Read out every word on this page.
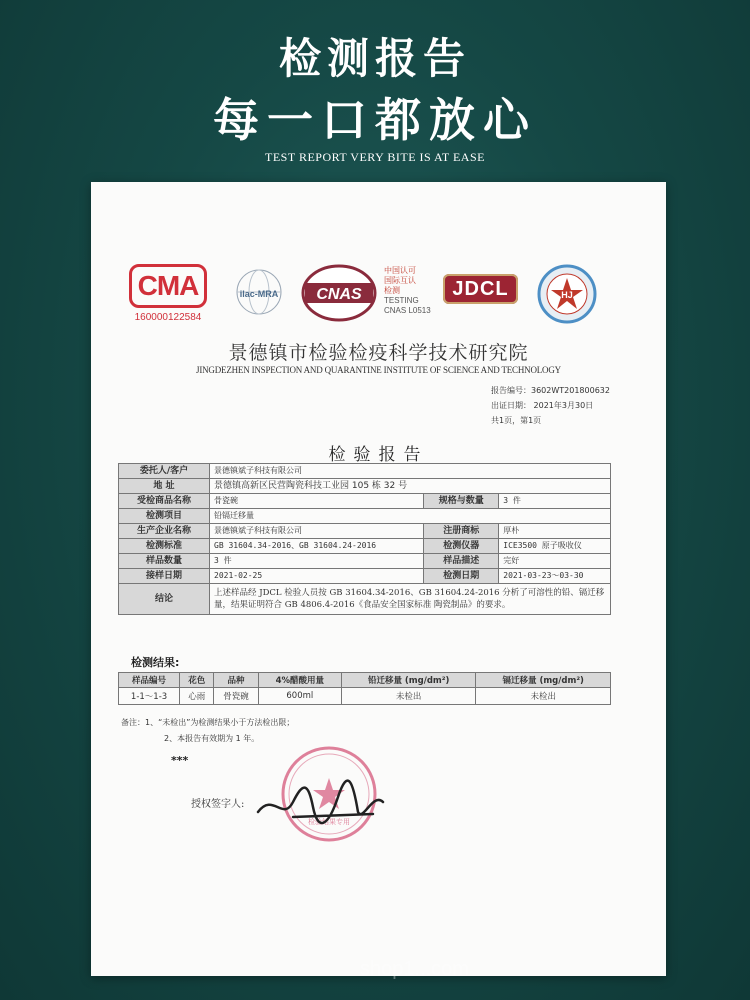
检测报告
每一口都放心
TEST REPORT VERY BITE IS AT EASE
CMA
160000122584
ilac-MRA CNAS
中国认可
国际互认
检测
TESTING
CNAS L0513
JDCL	HJ
景德镇市检验检疫科学技术研究院
JINGDEZHEN INSPECTION AND QUARANTINE INSTITUTE OF SCIENCE AND TECHNOLOGY
报告编号：3602WT201800632
出证日期： 2021年3月30日
共1页，第1页
检验报告
委托人/客户	景德镇斌子科技有限公司		
地 址	景德镇高新区民营陶瓷科技工业园 105 栋 32 号		
受检商品名称	骨瓷碗	规格与数量	3 件
检测项目	铅镉迁移量		
生产企业名称	景德镇斌子科技有限公司	注册商标	厚朴
检测标准	GB 31604.34-2016、GB 31604.24-2016	检测仪器	ICE3500 原子吸收仪
样品数量	3 件	样品描述	完好
接样日期	2021-02-25	检测日期	2021-03-23～03-30
结论	上述样品经 JDCL 检验人员按 GB 31604.34-2016、GB 31604.24-2016 分析了可溶性的铅、镉迁移量，结果证明符合 GB 4806.4-2016《食品安全国家标准 陶瓷制品》的要求。		
检测结果:
样品编号	花色	品种	4%醋酸用量	铅迁移量 (mg/dm²)	镉迁移量 (mg/dm²)
1-1～1-3	心雨	骨瓷碗	600ml	未检出	未检出
备注：1、“未检出”为检测结果小于方法检出限；
2、本报告有效期为 1 年。
***
检验结果专用
授权签字人:
shop1...com
